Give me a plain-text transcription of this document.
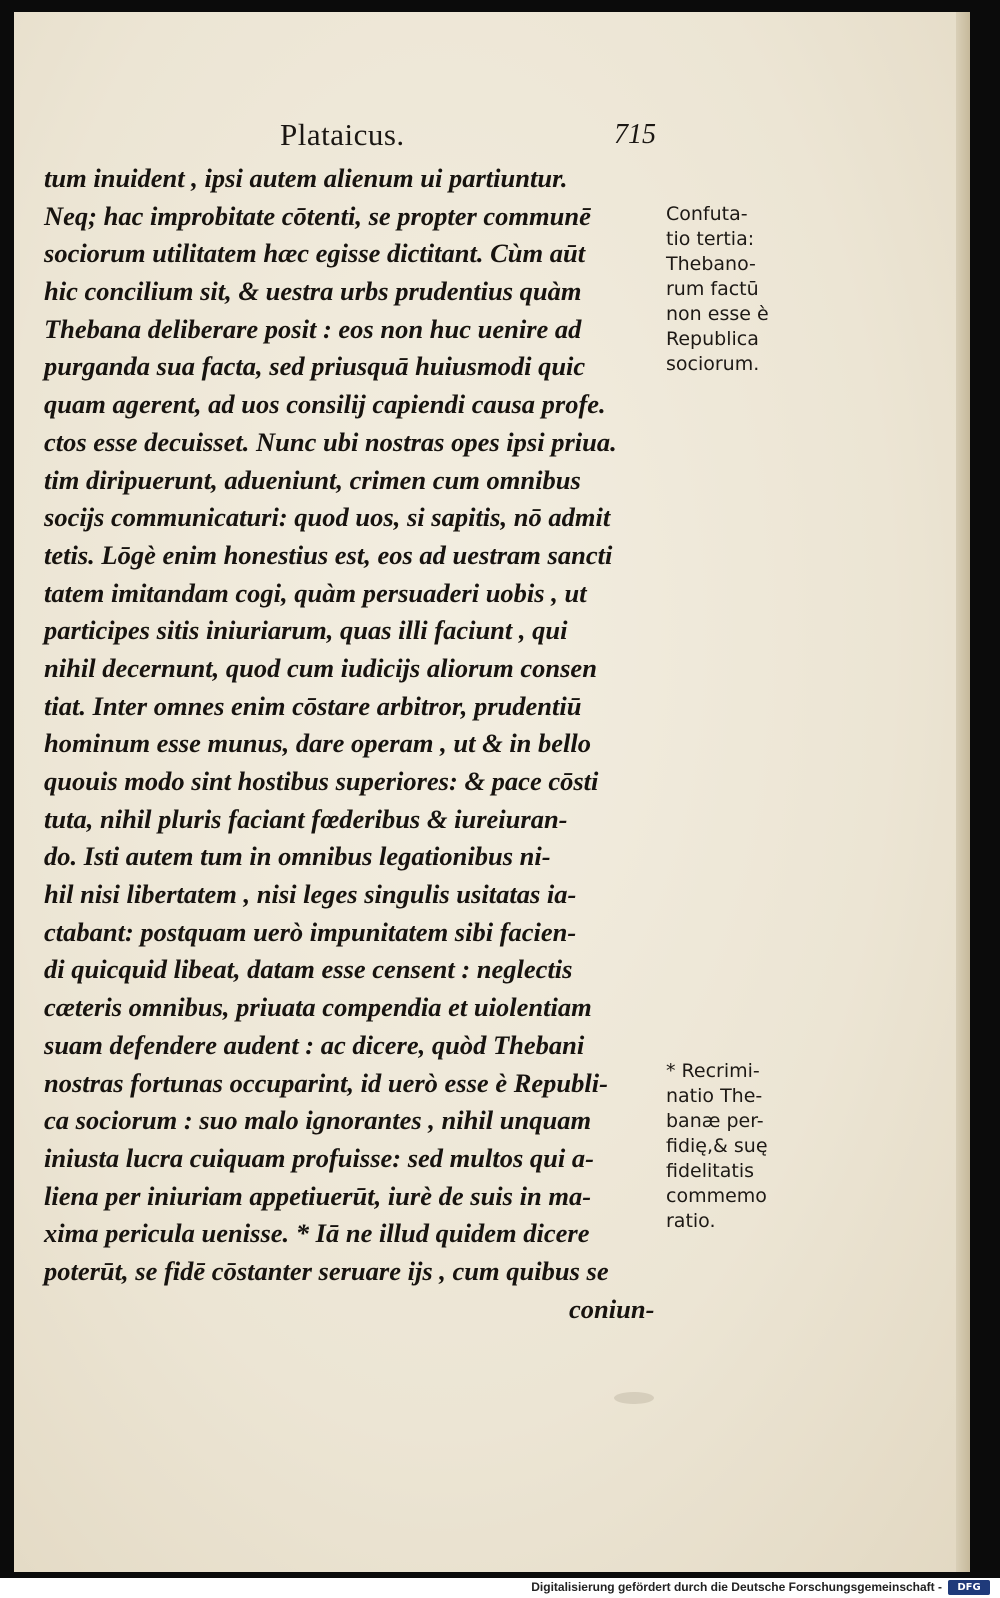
Plataicus.	715
tum inuident , ipsi autem alienum ui partiuntur.
Neq; hac improbitate cōtenti, se propter communē
sociorum utilitatem hæc egisse dictitant. Cùm aūt
hic concilium sit, & uestra urbs prudentius quàm
Thebana deliberare posit : eos non huc uenire ad
purganda sua facta, sed priusquā huiusmodi quic
quam agerent, ad uos consilij capiendi causa profe.
ctos esse decuisset. Nunc ubi nostras opes ipsi priua.
tim diripuerunt, adueniunt, crimen cum omnibus
socijs communicaturi: quod uos, si sapitis, nō admit
tetis. Lōgè enim honestius est, eos ad uestram sancti
tatem imitandam cogi, quàm persuaderi uobis , ut
participes sitis iniuriarum, quas illi faciunt , qui
nihil decernunt, quod cum iudicijs aliorum consen
tiat. Inter omnes enim cōstare arbitror, prudentiū
hominum esse munus, dare operam , ut & in bello
quouis modo sint hostibus superiores: & pace cōsti
tuta, nihil pluris faciant fœderibus & iureiuran-
do. Isti autem tum in omnibus legationibus ni-
hil nisi libertatem , nisi leges singulis usitatas ia-
ctabant: postquam uerò impunitatem sibi facien-
di quicquid libeat, datam esse censent : neglectis
cæteris omnibus, priuata compendia et uiolentiam
suam defendere audent : ac dicere, quòd Thebani
nostras fortunas occuparint, id uerò esse è Republi-
ca sociorum : suo malo ignorantes , nihil unquam
iniusta lucra cuiquam profuisse: sed multos qui a-
liena per iniuriam appetiuerūt, iurè de suis in ma-
xima pericula uenisse. * Iā ne illud quidem dicere
poterūt, se fidē cōstanter seruare ijs , cum quibus se
coniun-
Confuta-
tio tertia:
Thebano-
rum factū
non esse è
Republica
sociorum.
* Recrimi-
natio The-
banæ per-
fidię,& suę
fidelitatis
commemo
ratio.
Digitalisierung gefördert durch die Deutsche Forschungsgemeinschaft -	DFG
